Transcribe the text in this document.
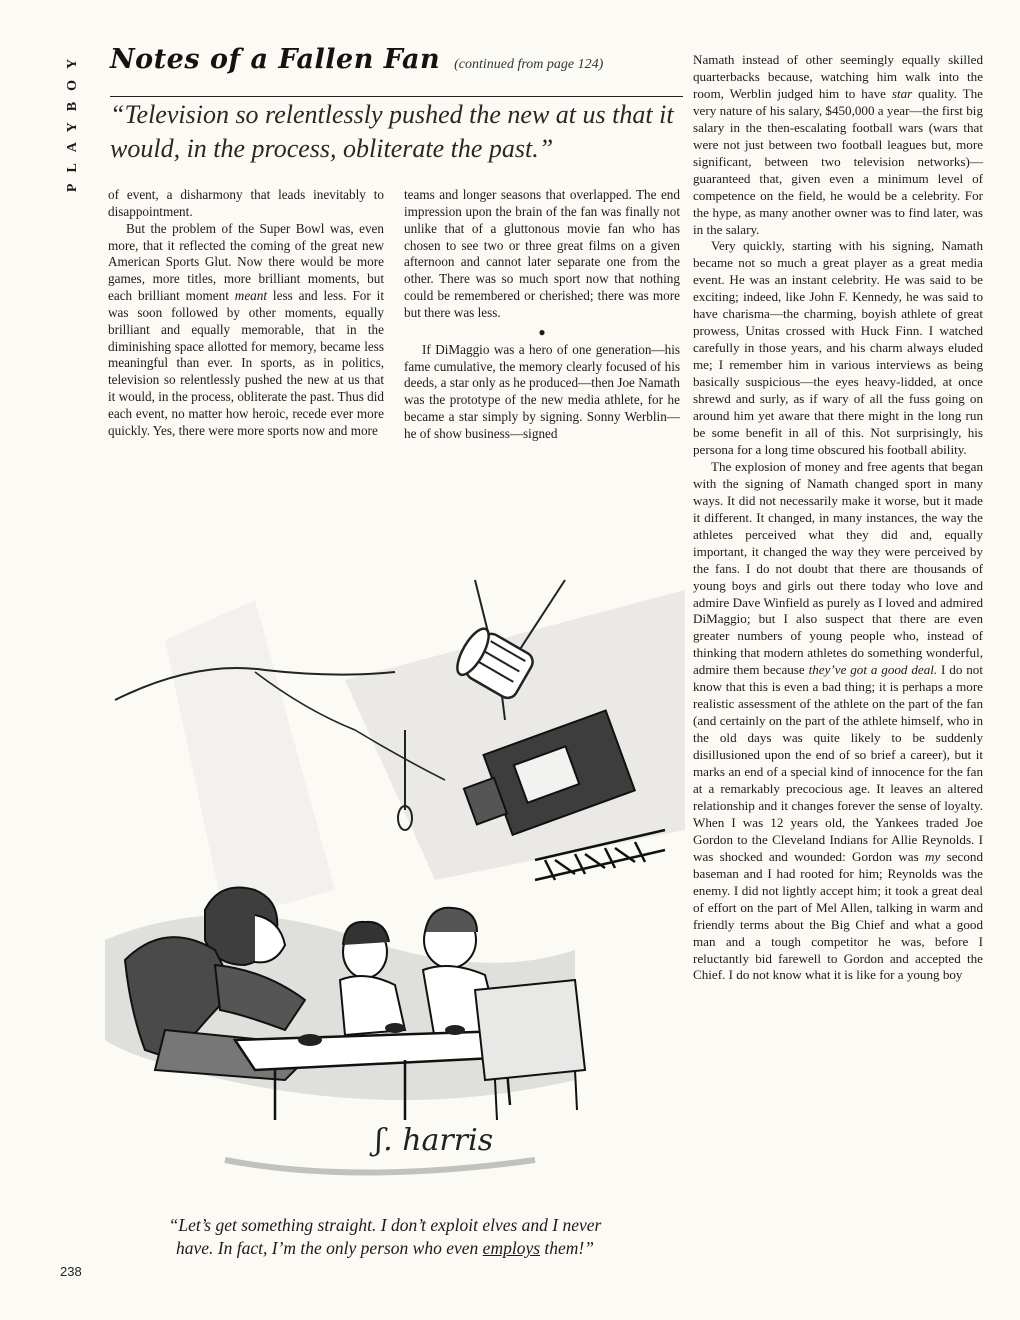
PLAYBOY Notes of a Fallen Fan (continued from page 124)
“Television so relentlessly pushed the new at us that it would, in the process, obliterate the past.”

of event, a disharmony that leads inevitably to disappointment.

But the problem of the Super Bowl was, even more, that it reflected the coming of the great new American Sports Glut. Now there would be more games, more titles, more brilliant moments, but each brilliant moment meant less and less. For it was soon followed by other moments, equally brilliant and equally memorable, that in the diminishing space allotted for memory, became less meaningful than ever. In sports, as in politics, television so relentlessly pushed the new at us that it would, in the process, obliterate the past. Thus did each event, no matter how heroic, recede ever more quickly. Yes, there were more sports now and more

teams and longer seasons that overlapped. The end impression upon the brain of the fan was finally not unlike that of a gluttonous movie fan who has chosen to see two or three great films on a given afternoon and cannot later separate one from the other. There was so much sport now that nothing could be remembered or cherished; there was more but there was less.

●

If DiMaggio was a hero of one generation—his fame cumulative, the memory clearly focused of his deeds, a star only as he produced—then Joe Namath was the prototype of the new media athlete, for he became a star simply by signing. Sonny Werblin—he of show business—signed

Namath instead of other seemingly equally skilled quarterbacks because, watching him walk into the room, Werblin judged him to have star quality. The very nature of his salary, $450,000 a year—the first big salary in the then-escalating football wars (wars that were not just between two football leagues but, more significant, between two television networks)—guaranteed that, given even a minimum level of competence on the field, he would be a celebrity. For the hype, as many another owner was to find later, was in the salary.

Very quickly, starting with his signing, Namath became not so much a great player as a great media event. He was an instant celebrity. He was said to be exciting; indeed, like John F. Kennedy, he was said to have charisma—the charming, boyish athlete of great prowess, Unitas crossed with Huck Finn. I watched carefully in those years, and his charm always eluded me; I remember him in various interviews as being basically suspicious—the eyes heavy-lidded, at once shrewd and surly, as if wary of all the fuss going on around him yet aware that there might in the long run be some benefit in all of this. Not surprisingly, his persona for a long time obscured his football ability.

The explosion of money and free agents that began with the signing of Namath changed sport in many ways. It did not necessarily make it worse, but it made it different. It changed, in many instances, the way the athletes perceived what they did and, equally important, it changed the way they were perceived by the fans. I do not doubt that there are thousands of young boys and girls out there today who love and admire Dave Winfield as purely as I loved and admired DiMaggio; but I also suspect that there are even greater numbers of young people who, instead of thinking that modern athletes do something wonderful, admire them because they’ve got a good deal. I do not know that this is even a bad thing; it is perhaps a more realistic assessment of the athlete on the part of the fan (and certainly on the part of the athlete himself, who in the old days was quite likely to be suddenly disillusioned upon the end of so brief a career), but it marks an end of a special kind of innocence for the fan at a remarkably precocious age. It leaves an altered relationship and it changes forever the sense of loyalty. When I was 12 years old, the Yankees traded Joe Gordon to the Cleveland Indians for Allie Reynolds. I was shocked and wounded: Gordon was my second baseman and I had rooted for him; Reynolds was the enemy. I did not lightly accept him; it took a great deal of effort on the part of Mel Allen, talking in warm and friendly terms about the Big Chief and what a good man and a tough competitor he was, before I reluctantly bid farewell to Gordon and accepted the Chief. I do not know what it is like for a young boy

ʃ. harris
“Let’s get something straight. I don’t exploit elves and I never have. In fact, I’m the only person who even employs them!”
238
